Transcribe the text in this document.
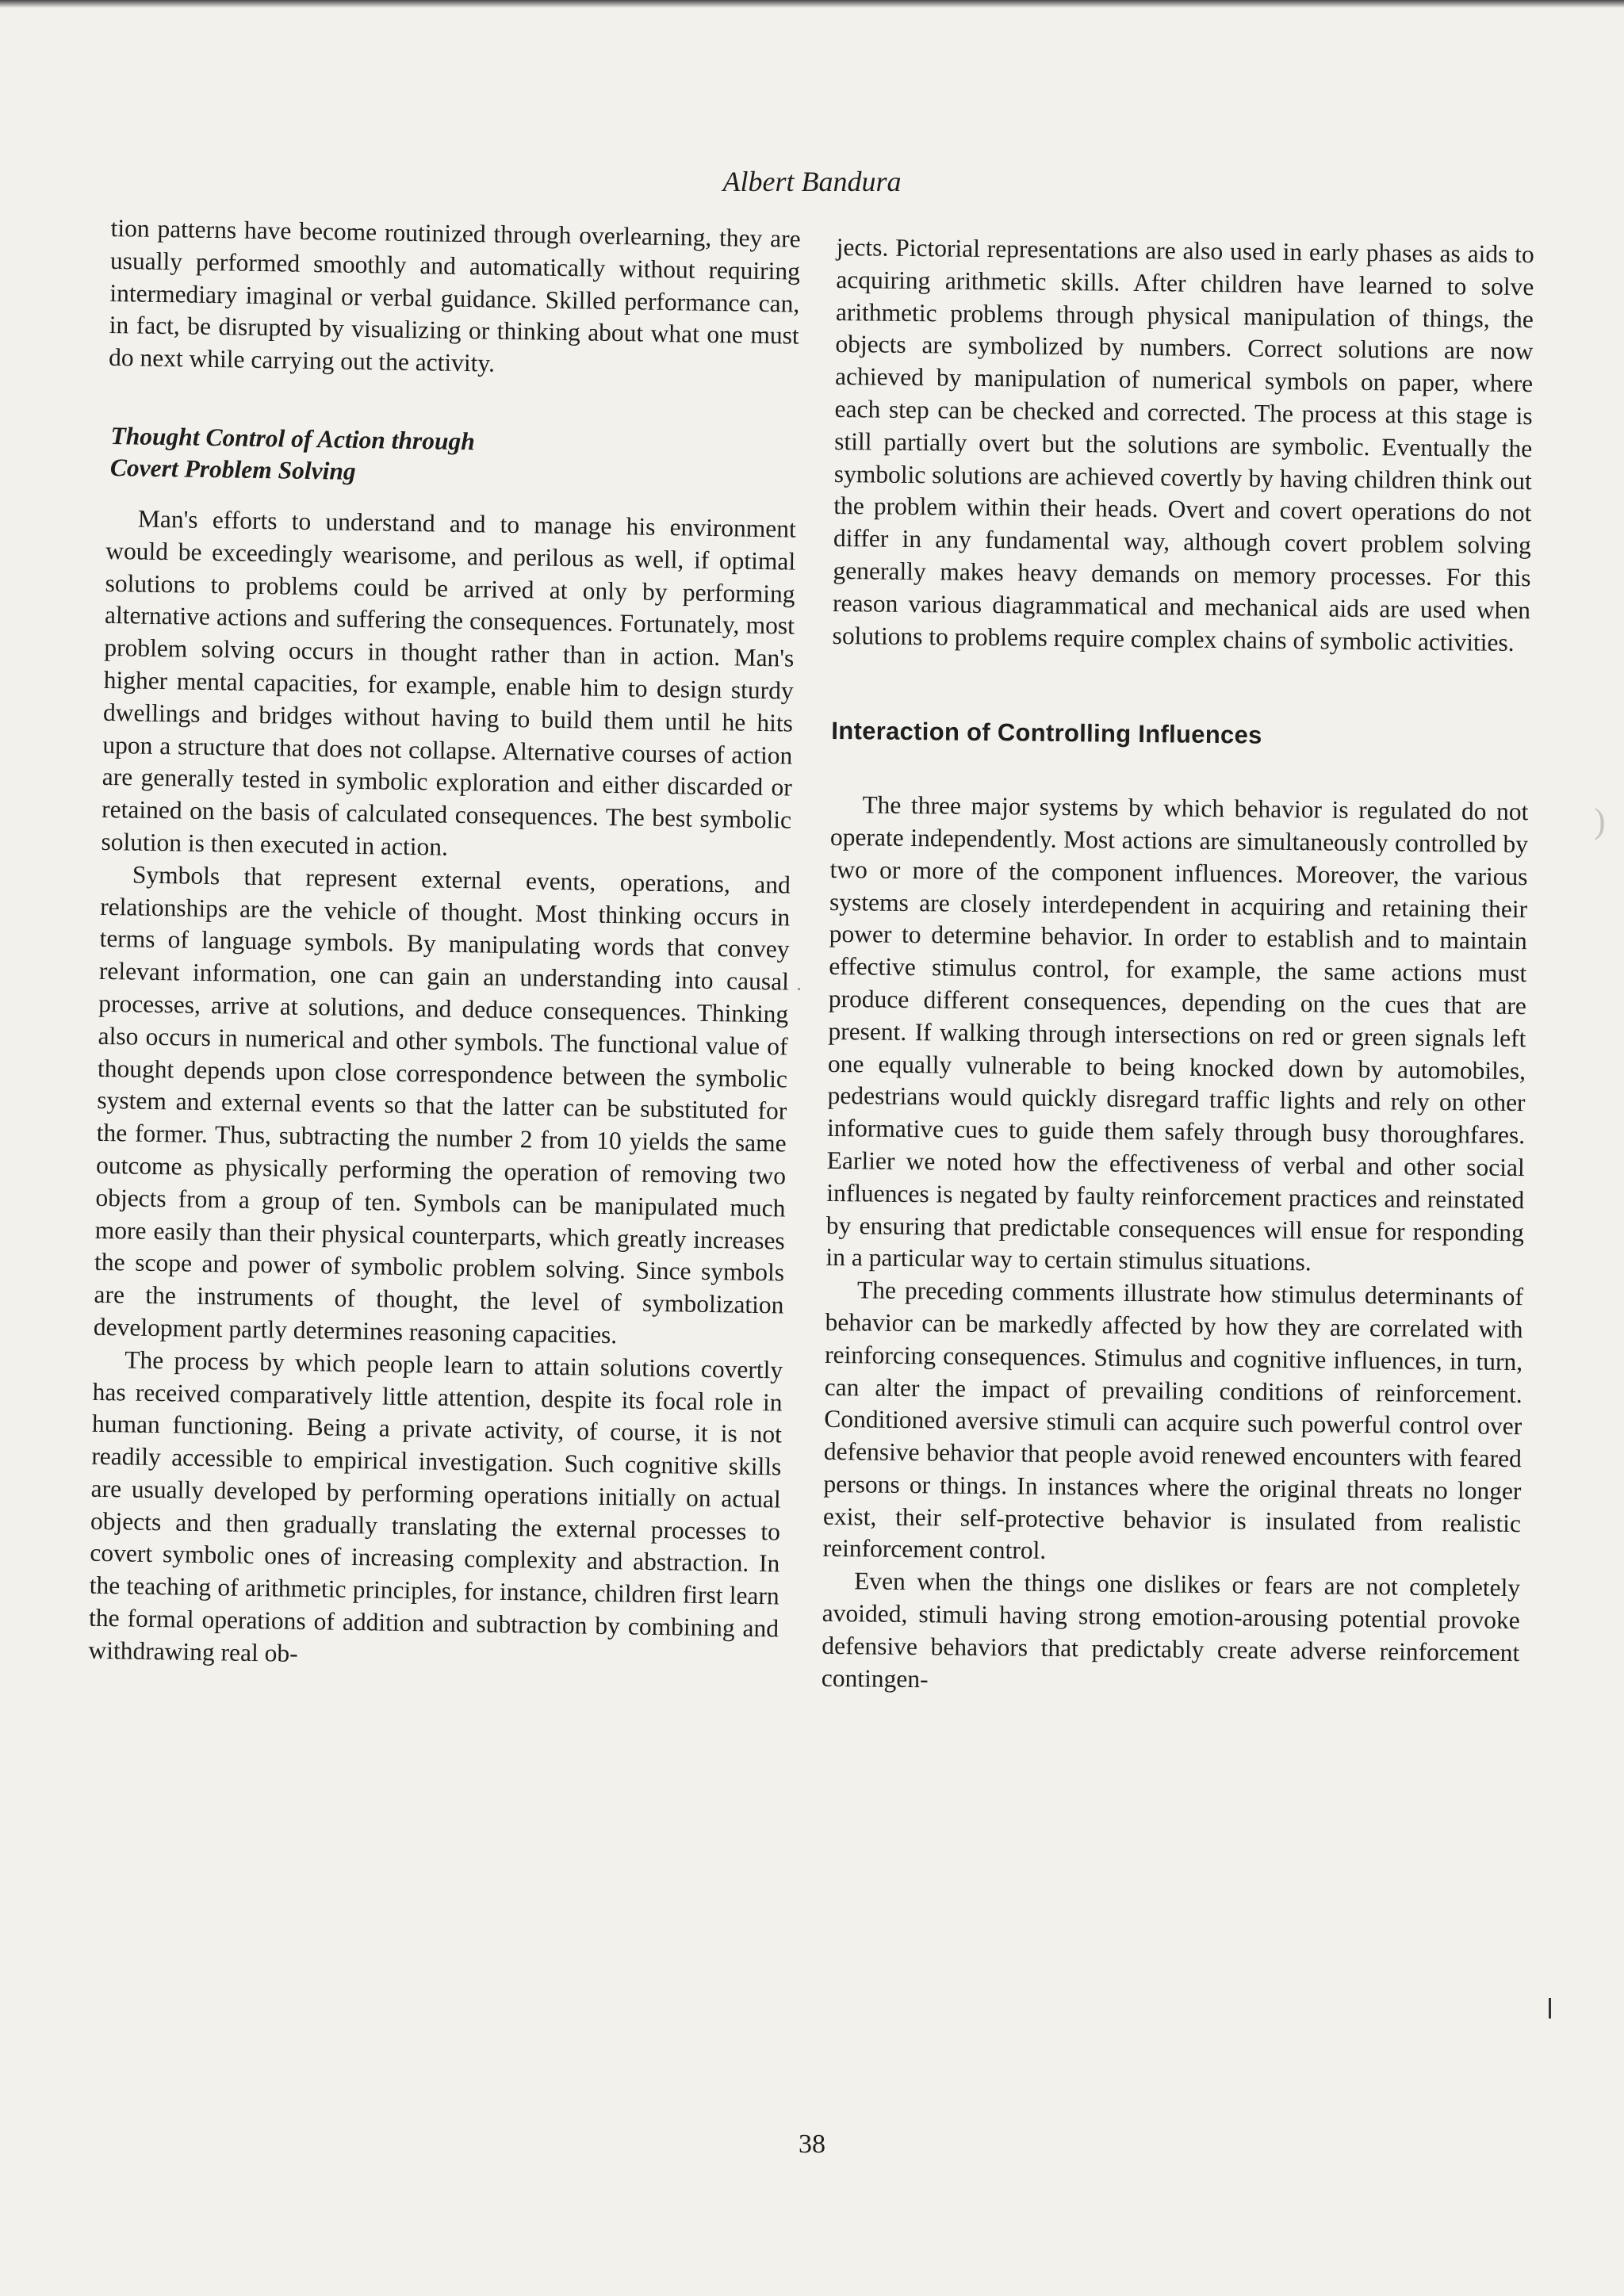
Albert Bandura

tion patterns have become routinized through overlearning, they are usually performed smoothly and automatically without requiring intermediary imaginal or verbal guidance. Skilled performance can, in fact, be disrupted by visualizing or thinking about what one must do next while carrying out the activity.

Thought Control of Action through
Covert Problem Solving

Man's efforts to understand and to manage his environment would be exceedingly wearisome, and perilous as well, if optimal solutions to problems could be arrived at only by performing alternative actions and suffering the consequences. Fortunately, most problem solving occurs in thought rather than in action. Man's higher mental capacities, for example, enable him to design sturdy dwellings and bridges without having to build them until he hits upon a structure that does not collapse. Alternative courses of action are generally tested in symbolic exploration and either discarded or retained on the basis of calculated consequences. The best symbolic solution is then executed in action.

Symbols that represent external events, operations, and relationships are the vehicle of thought. Most thinking occurs in terms of language symbols. By manipulating words that convey relevant information, one can gain an understanding into causal processes, arrive at solutions, and deduce consequences. Thinking also occurs in numerical and other symbols. The functional value of thought depends upon close correspondence between the symbolic system and external events so that the latter can be substituted for the former. Thus, subtracting the number 2 from 10 yields the same outcome as physically performing the operation of removing two objects from a group of ten. Symbols can be manipulated much more easily than their physical counterparts, which greatly increases the scope and power of symbolic problem solving. Since symbols are the instruments of thought, the level of symbolization development partly determines reasoning capacities.

The process by which people learn to attain solutions covertly has received comparatively little attention, despite its focal role in human functioning. Being a private activity, of course, it is not readily accessible to empirical investigation. Such cognitive skills are usually developed by performing operations initially on actual objects and then gradually translating the external processes to covert symbolic ones of increasing complexity and abstraction. In the teaching of arithmetic principles, for instance, children first learn the formal operations of addition and subtraction by combining and withdrawing real ob-

jects. Pictorial representations are also used in early phases as aids to acquiring arithmetic skills. After children have learned to solve arithmetic problems through physical manipulation of things, the objects are symbolized by numbers. Correct solutions are now achieved by manipulation of numerical symbols on paper, where each step can be checked and corrected. The process at this stage is still partially overt but the solutions are symbolic. Eventually the symbolic solutions are achieved covertly by having children think out the problem within their heads. Overt and covert operations do not differ in any fundamental way, although covert problem solving generally makes heavy demands on memory processes. For this reason various diagrammatical and mechanical aids are used when solutions to problems require complex chains of symbolic activities.

Interaction of Controlling Influences

The three major systems by which behavior is regulated do not operate independently. Most actions are simultaneously controlled by two or more of the component influences. Moreover, the various systems are closely interdependent in acquiring and retaining their power to determine behavior. In order to establish and to maintain effective stimulus control, for example, the same actions must produce different consequences, depending on the cues that are present. If walking through intersections on red or green signals left one equally vulnerable to being knocked down by automobiles, pedestrians would quickly disregard traffic lights and rely on other informative cues to guide them safely through busy thoroughfares. Earlier we noted how the effectiveness of verbal and other social influences is negated by faulty reinforcement practices and reinstated by ensuring that predictable consequences will ensue for responding in a particular way to certain stimulus situations.

The preceding comments illustrate how stimulus determinants of behavior can be markedly affected by how they are correlated with reinforcing consequences. Stimulus and cognitive influences, in turn, can alter the impact of prevailing conditions of reinforcement. Conditioned aversive stimuli can acquire such powerful control over defensive behavior that people avoid renewed encounters with feared persons or things. In instances where the original threats no longer exist, their self-protective behavior is insulated from realistic reinforcement control.

Even when the things one dislikes or fears are not completely avoided, stimuli having strong emotion-arousing potential provoke defensive behaviors that predictably create adverse reinforcement contingen-

)
38
